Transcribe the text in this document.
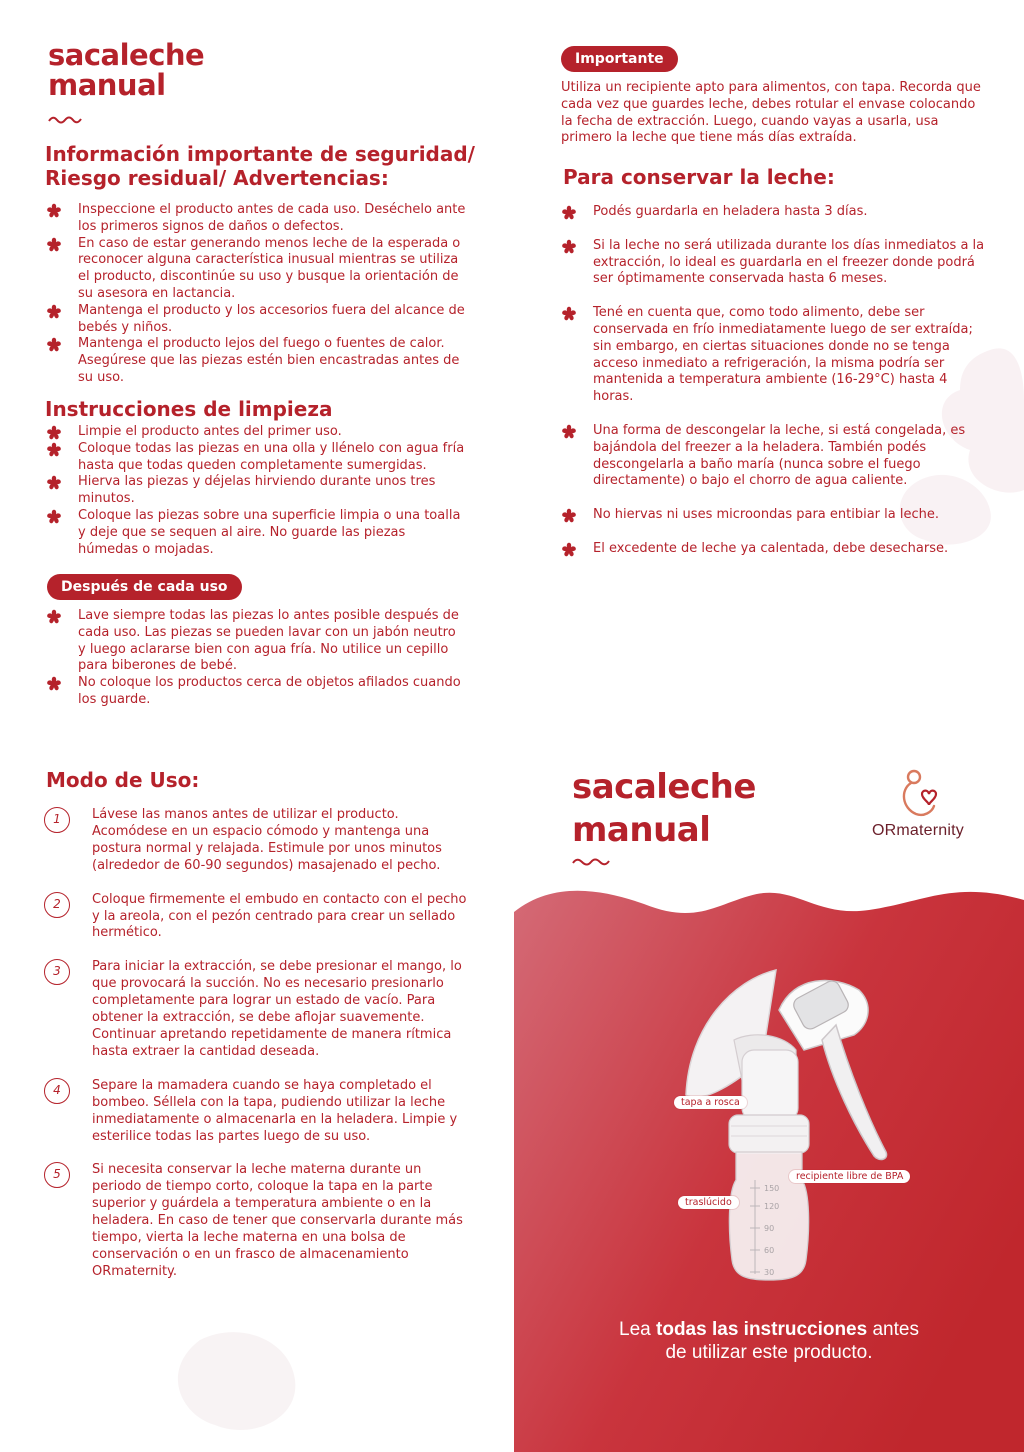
sacaleche
manual
Información importante de seguridad/
Riesgo residual/ Advertencias:
Inspeccione el producto antes de cada uso. Deséchelo ante los primeros signos de daños o defectos.
En caso de estar generando menos leche de la esperada o reconocer alguna característica inusual mientras se utiliza el producto, discontinúe su uso y busque la orientación de su asesora en lactancia.
Mantenga el producto y los accesorios fuera del alcance de bebés y niños.
Mantenga el producto lejos del fuego o fuentes de calor. Asegúrese que las piezas estén bien encastradas antes de su uso.
Instrucciones de limpieza
Limpie el producto antes del primer uso.
Coloque todas las piezas en una olla y llénelo con agua fría hasta que todas queden completamente sumergidas.
Hierva las piezas y déjelas hirviendo durante unos tres minutos.
Coloque las piezas sobre una superficie limpia o una toalla y deje que se sequen al aire. No guarde las piezas húmedas o mojadas.
Después de cada uso
Lave siempre todas las piezas lo antes posible después de cada uso. Las piezas se pueden lavar con un jabón neutro y luego aclararse bien con agua fría. No utilice un cepillo para biberones de bebé.
No coloque los productos cerca de objetos afilados cuando los guarde.
Importante

Utiliza un recipiente apto para alimentos, con tapa. Recorda que cada vez que guardes leche, debes rotular el envase colocando la fecha de extracción. Luego, cuando vayas a usarla, usa primero la leche que tiene más días extraída.

Para conservar la leche:
Podés guardarla en heladera hasta 3 días.
Si la leche no será utilizada durante los días inmediatos a la extracción, lo ideal es guardarla en el freezer donde podrá ser óptimamente conservada hasta 6 meses.
Tené en cuenta que, como todo alimento, debe ser conservada en frío inmediatamente luego de ser extraída; sin embargo, en ciertas situaciones donde no se tenga acceso inmediato a refrigeración, la misma podría ser mantenida a temperatura ambiente (16-29°C) hasta 4 horas.
Una forma de descongelar la leche, si está congelada, es bajándola del freezer a la heladera. También podés descongelarla a baño maría (nunca sobre el fuego directamente) o bajo el chorro de agua caliente.
No hiervas ni uses microondas para entibiar la leche.
El excedente de leche ya calentada, debe desecharse.
Modo de Uso:
1	Lávese las manos antes de utilizar el producto. Acomódese en un espacio cómodo y mantenga una postura normal y relajada. Estimule por unos minutos (alrededor de 60-90 segundos) masajenado el pecho.
2	Coloque firmemente el embudo en contacto con el pecho y la areola, con el pezón centrado para crear un sellado hermético.
3	Para iniciar la extracción, se debe presionar el mango, lo que provocará la succión. No es necesario presionarlo completamente para lograr un estado de vacío. Para obtener la extracción, se debe aflojar suavemente. Continuar apretando repetidamente de manera rítmica hasta extraer la cantidad deseada.
4	Separe la mamadera cuando se haya completado el bombeo. Séllela con la tapa, pudiendo utilizar la leche inmediatamente o almacenarla en la heladera. Limpie y esterilice todas las partes luego de su uso.
5	Si necesita conservar la leche materna durante un periodo de tiempo corto, coloque la tapa en la parte superior y guárdela a temperatura ambiente o en la heladera. En caso de tener que conservarla durante más tiempo, vierta la leche materna en una bolsa de conservación o en un frasco de almacenamiento ORmaternity.
sacaleche
manual	ORmaternity
150
120
90
60
30
tapa a rosca
recipiente libre de BPA
traslúcido
Lea todas las instrucciones antes
de utilizar este producto.
